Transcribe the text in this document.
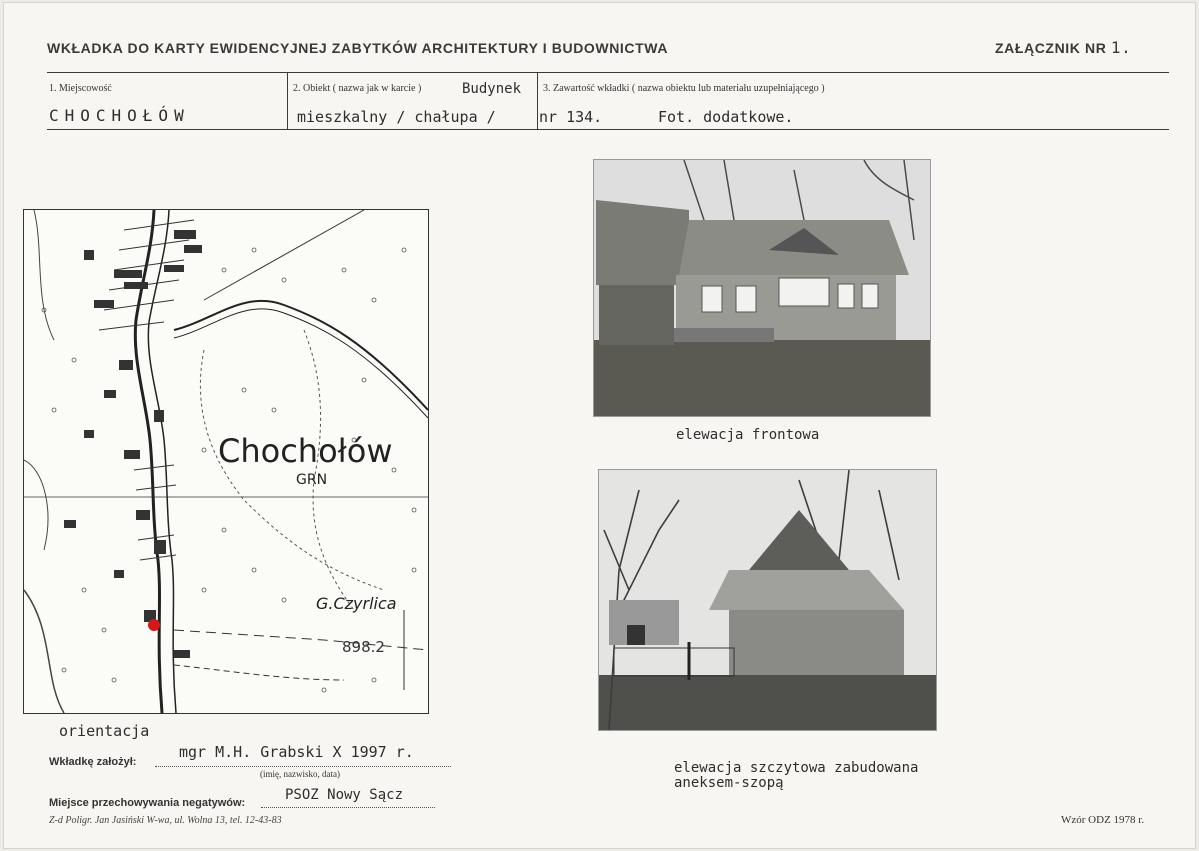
WKŁADKA DO KARTY EWIDENCYJNEJ ZABYTKÓW ARCHITEKTURY I BUDOWNICTWA	ZAŁĄCZNIK NR 1.
1. Miejscowość
CHOCHOŁÓW
2. Obiekt ( nazwa jak w karcie )	Budynek
mieszkalny / chałupa /
3. Zawartość wkładki ( nazwa obiektu lub materiału uzupełniającego )
nr 134.	Fot. dodatkowe.
Chochołów
GRN
G.Czyrlica
898.2
orientacja
elewacja frontowa
elewacja szczytowa zabudowana
aneksem-szopą
Wkładkę założył:
mgr M.H. Grabski X 1997 r.
(imię, nazwisko, data)
Miejsce przechowywania negatywów:	PSOZ Nowy Sącz
Z-d Poligr. Jan Jasiński W-wa, ul. Wolna 13, tel. 12-43-83	Wzór ODZ 1978 r.
